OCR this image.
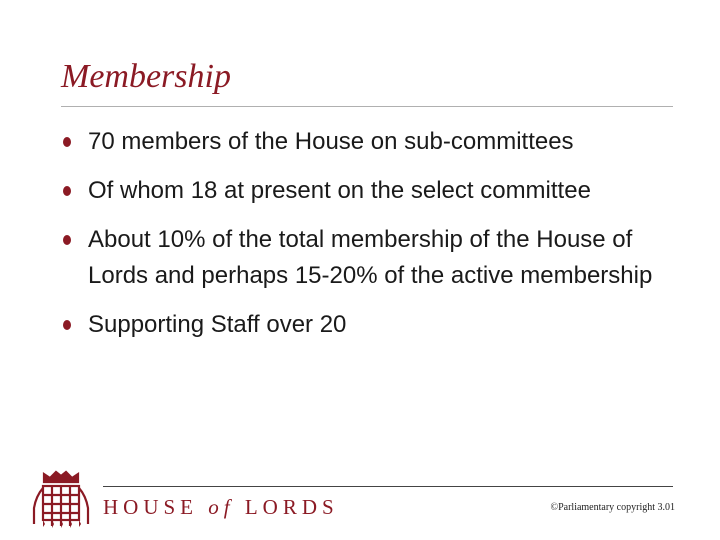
Membership
70 members of the House on sub-committees
Of whom 18 at present on the select committee
About 10% of the total membership of the House of Lords and perhaps 15-20% of the active membership
Supporting Staff over 20
HOUSE of LORDS	©Parliamentary copyright 3.01
